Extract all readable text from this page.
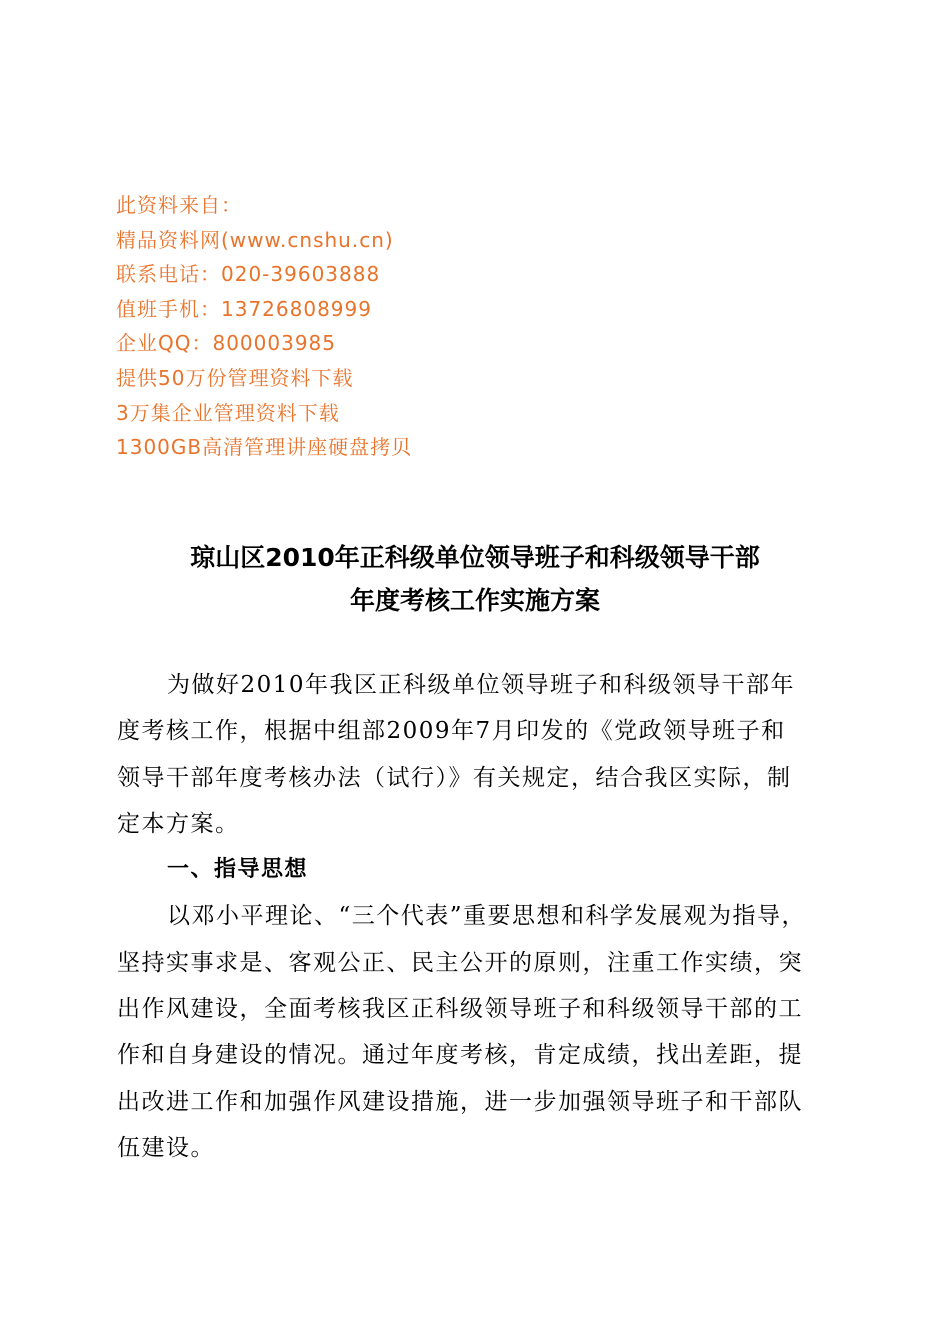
此资料来自：
精品资料网(www.cnshu.cn)
联系电话：020-39603888
值班手机：13726808999
企业QQ：800003985
提供50万份管理资料下载
3万集企业管理资料下载
1300GB高清管理讲座硬盘拷贝
琼山区2010年正科级单位领导班子和科级领导干部
年度考核工作实施方案
为做好2010年我区正科级单位领导班子和科级领导干部年
度考核工作，根据中组部2009年7月印发的《党政领导班子和
领导干部年度考核办法（试行）》有关规定，结合我区实际，制
定本方案。
一、指导思想
以邓小平理论、“三个代表”重要思想和科学发展观为指导，
坚持实事求是、客观公正、民主公开的原则，注重工作实绩，突
出作风建设，全面考核我区正科级领导班子和科级领导干部的工
作和自身建设的情况。通过年度考核，肯定成绩，找出差距，提
出改进工作和加强作风建设措施，进一步加强领导班子和干部队
伍建设。
